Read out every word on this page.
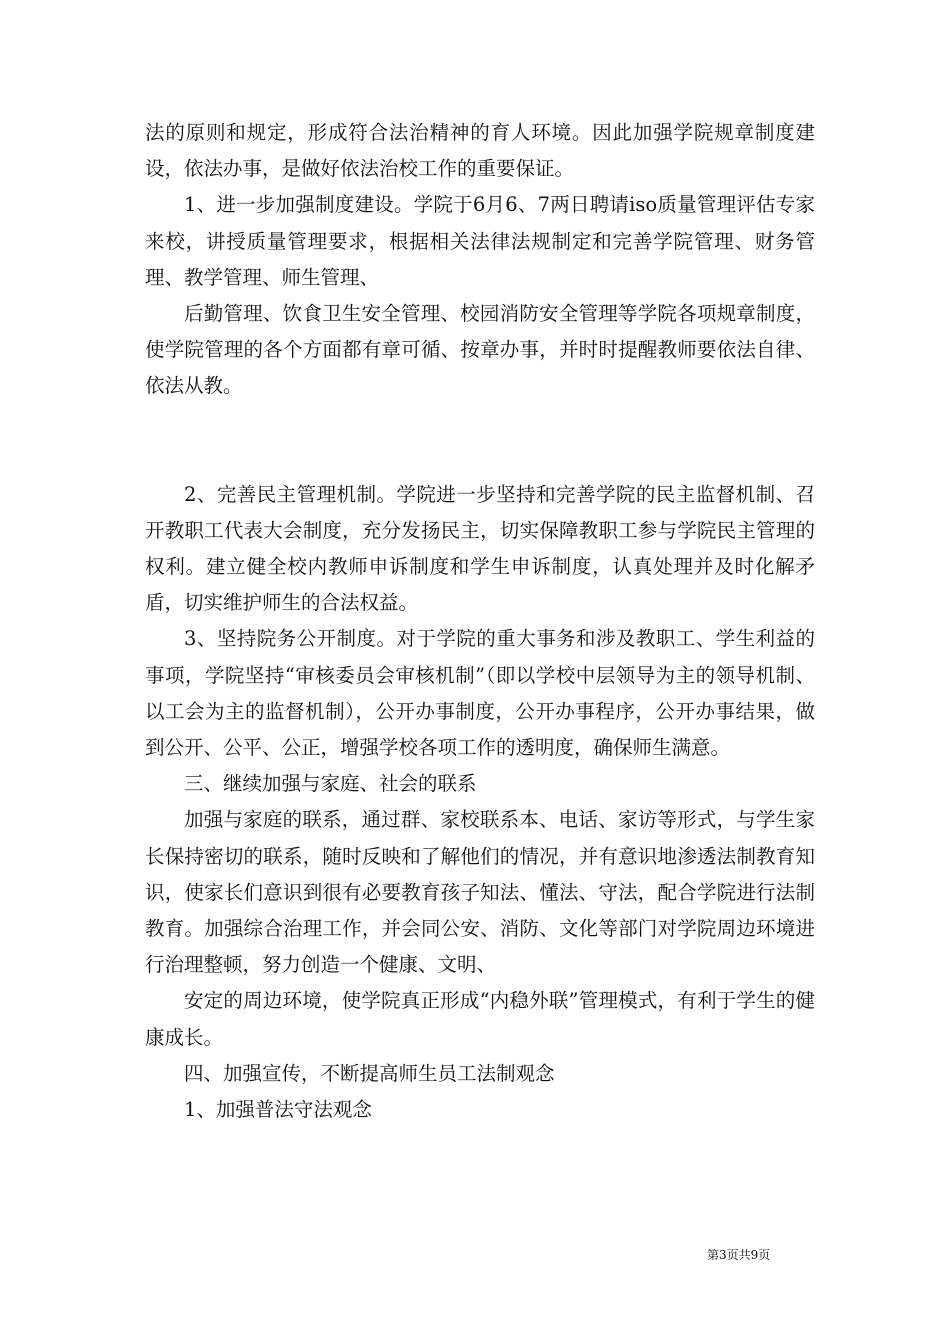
法的原则和规定，形成符合法治精神的育人环境。因此加强学院规章制度建设，依法办事，是做好依法治校工作的重要保证。

1、进一步加强制度建设。学院于6月6、7两日聘请iso质量管理评估专家来校，讲授质量管理要求，根据相关法律法规制定和完善学院管理、财务管理、教学管理、师生管理、

后勤管理、饮食卫生安全管理、校园消防安全管理等学院各项规章制度，使学院管理的各个方面都有章可循、按章办事，并时时提醒教师要依法自律、依法从教。

2、完善民主管理机制。学院进一步坚持和完善学院的民主监督机制、召开教职工代表大会制度，充分发扬民主，切实保障教职工参与学院民主管理的权利。建立健全校内教师申诉制度和学生申诉制度，认真处理并及时化解矛盾，切实维护师生的合法权益。

3、坚持院务公开制度。对于学院的重大事务和涉及教职工、学生利益的事项，学院坚持“审核委员会审核机制”（即以学校中层领导为主的领导机制、以工会为主的监督机制），公开办事制度，公开办事程序，公开办事结果，做到公开、公平、公正，增强学校各项工作的透明度，确保师生满意。

三、继续加强与家庭、社会的联系

加强与家庭的联系，通过群、家校联系本、电话、家访等形式，与学生家长保持密切的联系，随时反映和了解他们的情况，并有意识地渗透法制教育知识，使家长们意识到很有必要教育孩子知法、懂法、守法，配合学院进行法制教育。加强综合治理工作，并会同公安、消防、文化等部门对学院周边环境进行治理整顿，努力创造一个健康、文明、

安定的周边环境，使学院真正形成“内稳外联”管理模式，有利于学生的健康成长。

四、加强宣传，不断提高师生员工法制观念

1、加强普法守法观念

第3页共9页
